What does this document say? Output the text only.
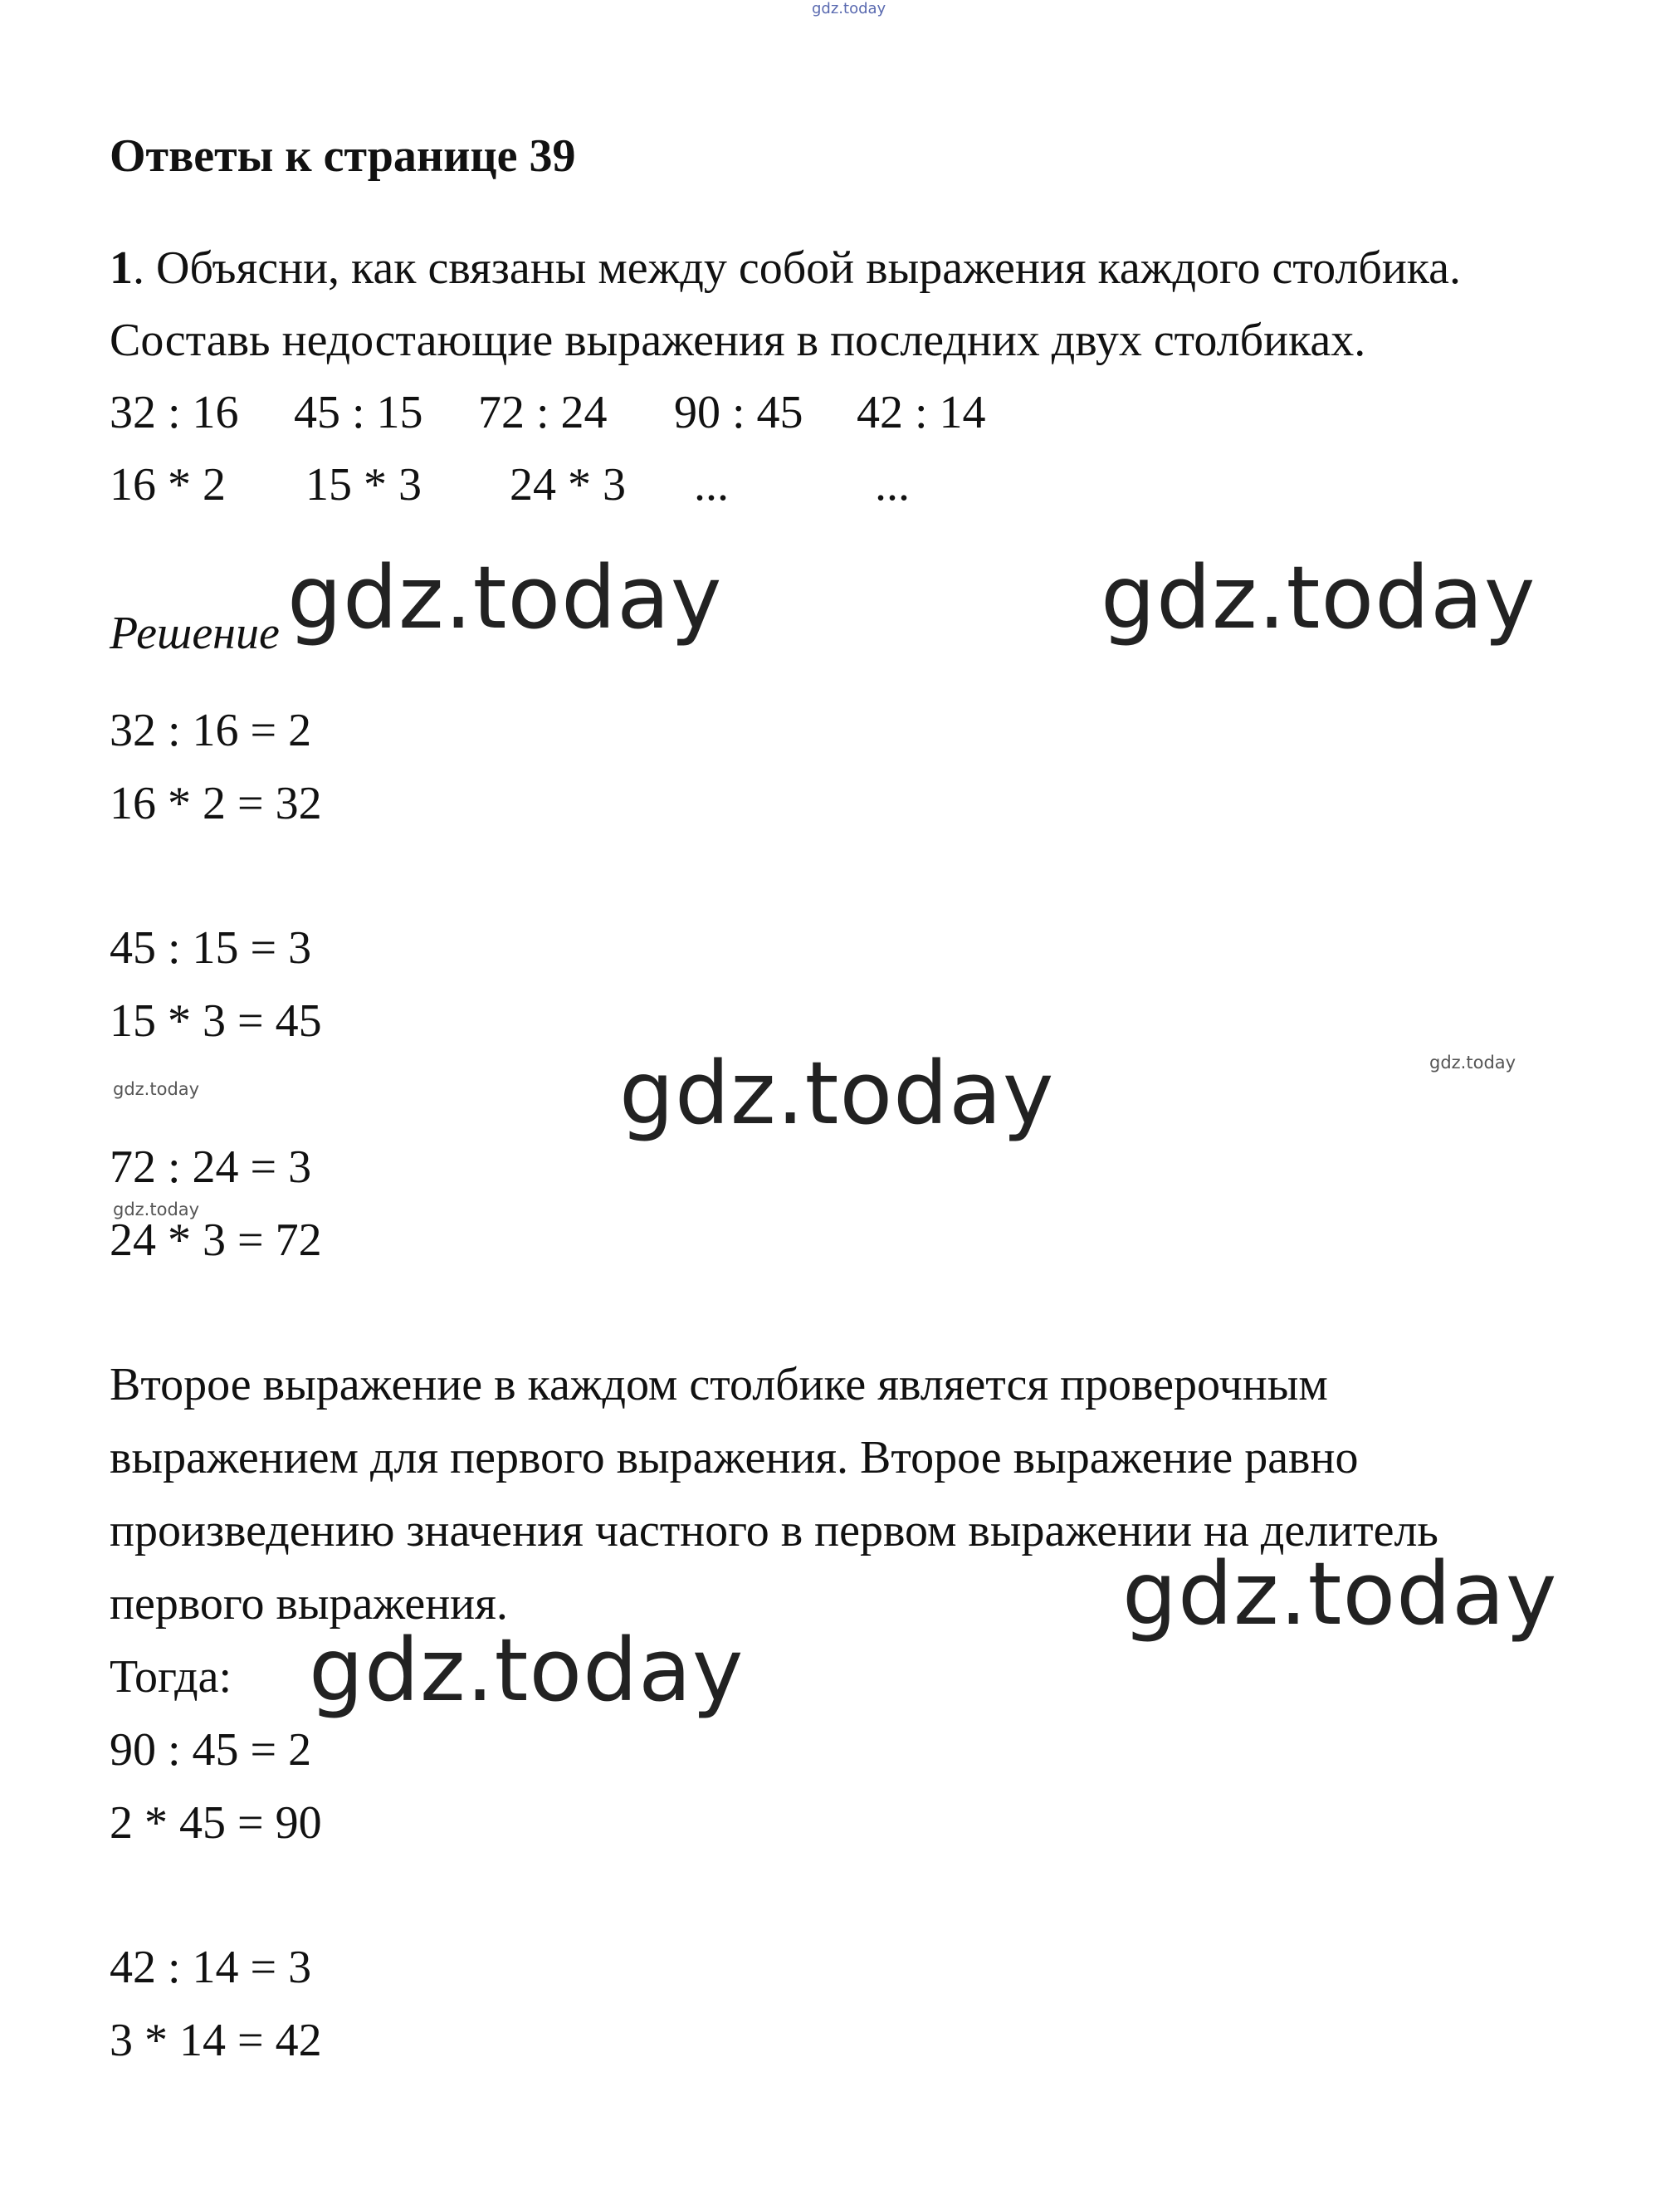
gdz.today
Ответы к странице 39
1. Объясни, как связаны между собой выражения каждого столбика.
Составь недостающие выражения в последних двух столбиках.
32 : 16 45 : 15 72 : 24 90 : 45 42 : 14
16 * 2 15 * 3 24 * 3 ...	...
Решение gdz.today	gdz.today
gdz.today
gdz.today
gdz.today
gdz.today
gdz.today
gdz.today
32 : 16 = 2
16 * 2 = 32
45 : 15 = 3
15 * 3 = 45
72 : 24 = 3
24 * 3 = 72
Второе выражение в каждом столбике является проверочным
выражением для первого выражения. Второе выражение равно
произведению значения частного в первом выражении на делитель
первого выражения.
Тогда:
90 : 45 = 2
2 * 45 = 90
42 : 14 = 3
3 * 14 = 42
